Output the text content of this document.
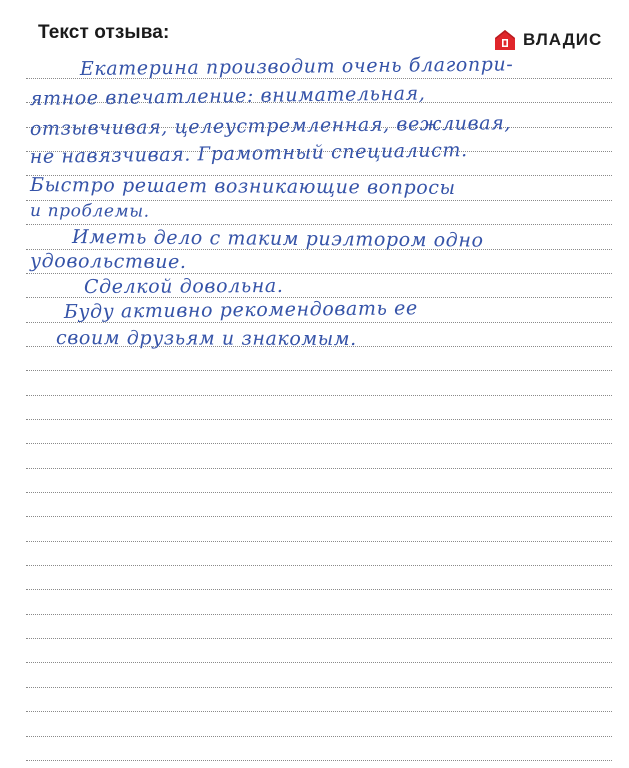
Текст отзыва:	ВЛАДИС
Екатерина производит очень благопри-
ятное впечатление: внимательная,
отзывчивая, целеустремленная, вежливая,
не навязчивая. Грамотный специалист.
Быстро решает возникающие вопросы
и проблемы.
Иметь дело с таким риэлтором одно
удовольствие.
Сделкой довольна.
Буду активно рекомендовать ее
своим друзьям и знакомым.
